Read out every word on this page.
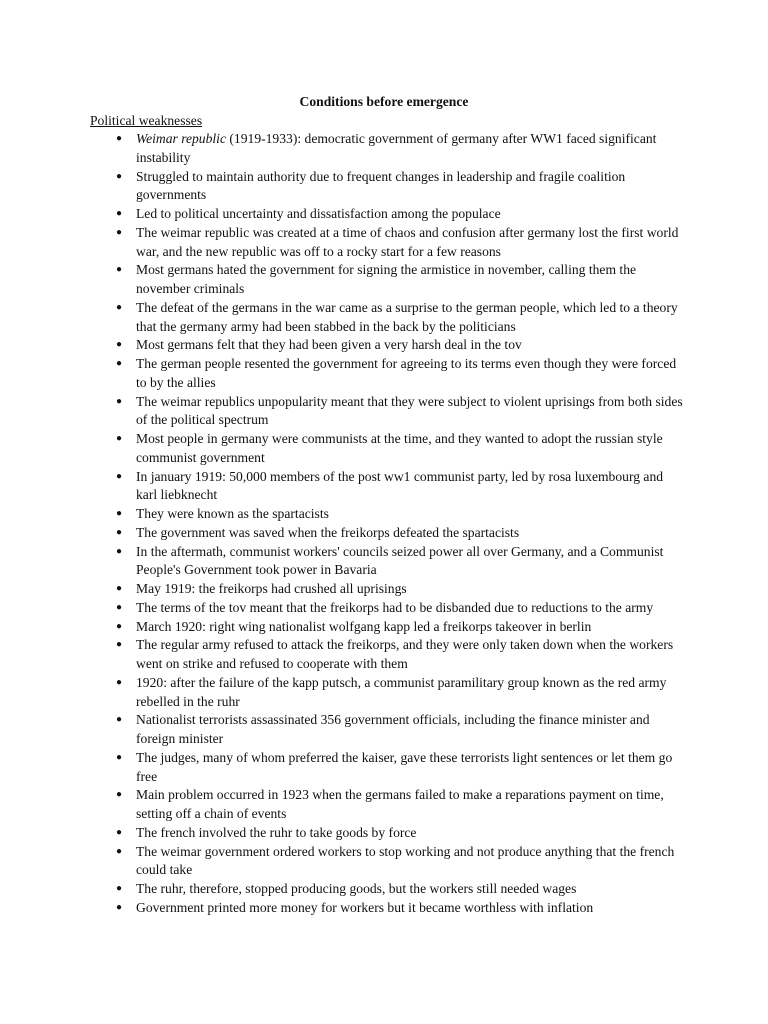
Conditions before emergence
Political weaknesses
● Weimar republic (1919-1933): democratic government of germany after WW1 faced significant instability
● Struggled to maintain authority due to frequent changes in leadership and fragile coalition governments
● Led to political uncertainty and dissatisfaction among the populace
● The weimar republic was created at a time of chaos and confusion after germany lost the first world war, and the new republic was off to a rocky start for a few reasons
● Most germans hated the government for signing the armistice in november, calling them the november criminals
● The defeat of the germans in the war came as a surprise to the german people, which led to a theory that the germany army had been stabbed in the back by the politicians
● Most germans felt that they had been given a very harsh deal in the tov
● The german people resented the government for agreeing to its terms even though they were forced to by the allies
● The weimar republics unpopularity meant that they were subject to violent uprisings from both sides of the political spectrum
● Most people in germany were communists at the time, and they wanted to adopt the russian style communist government
● In january 1919: 50,000 members of the post ww1 communist party, led by rosa luxembourg and karl liebknecht
● They were known as the spartacists
● The government was saved when the freikorps defeated the spartacists
● In the aftermath, communist workers' councils seized power all over Germany, and a Communist People's Government took power in Bavaria
● May 1919: the freikorps had crushed all uprisings
● The terms of the tov meant that the freikorps had to be disbanded due to reductions to the army
● March 1920: right wing nationalist wolfgang kapp led a freikorps takeover in berlin
● The regular army refused to attack the freikorps, and they were only taken down when the workers went on strike and refused to cooperate with them
● 1920: after the failure of the kapp putsch, a communist paramilitary group known as the red army rebelled in the ruhr
● Nationalist terrorists assassinated 356 government officials, including the finance minister and foreign minister
● The judges, many of whom preferred the kaiser, gave these terrorists light sentences or let them go free
● Main problem occurred in 1923 when the germans failed to make a reparations payment on time, setting off a chain of events
● The french involved the ruhr to take goods by force
● The weimar government ordered workers to stop working and not produce anything that the french could take
● The ruhr, therefore, stopped producing goods, but the workers still needed wages
● Government printed more money for workers but it became worthless with inflation
